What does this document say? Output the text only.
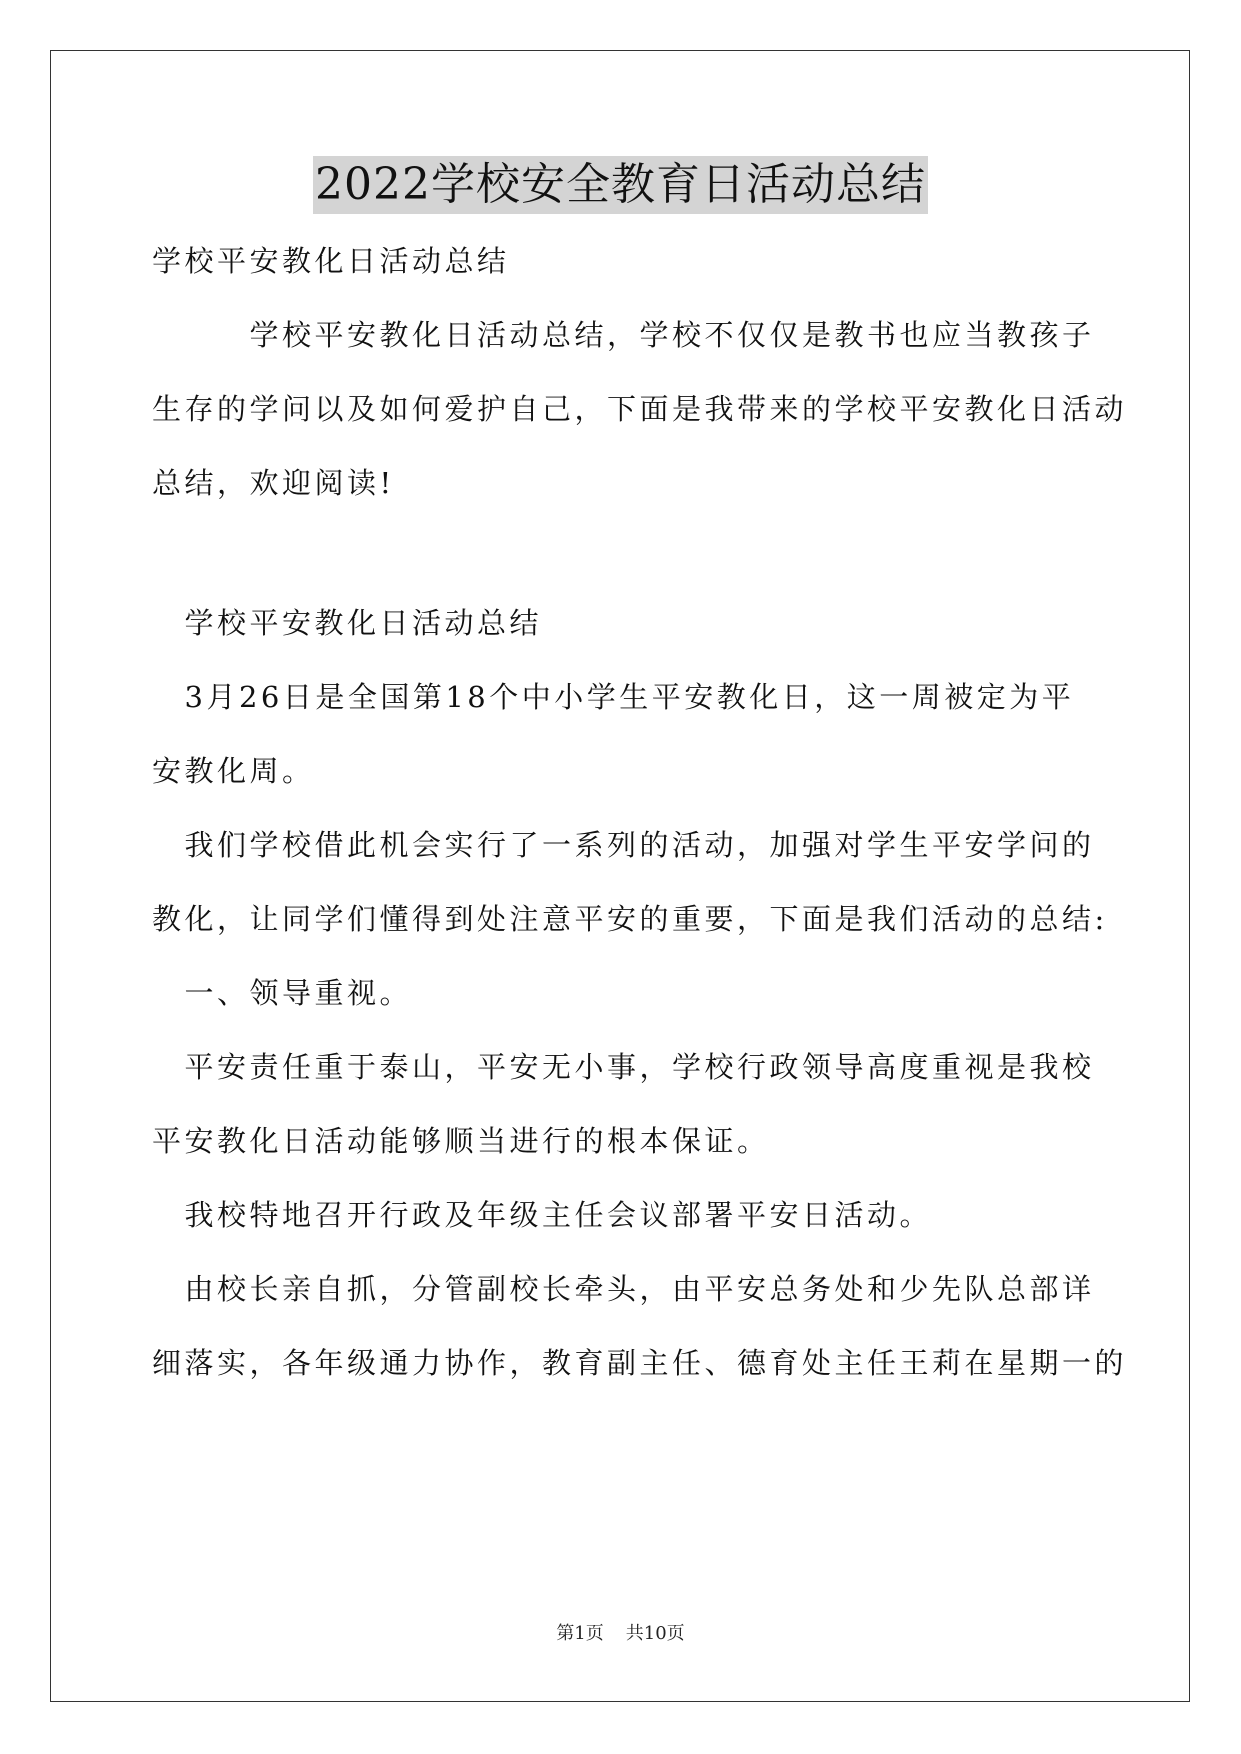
2022学校安全教育日活动总结
学校平安教化日活动总结
　　　学校平安教化日活动总结，学校不仅仅是教书也应当教孩子
生存的学问以及如何爱护自己，下面是我带来的学校平安教化日活动
总结，欢迎阅读!
　学校平安教化日活动总结
　3月26日是全国第18个中小学生平安教化日，这一周被定为平
安教化周。
　我们学校借此机会实行了一系列的活动，加强对学生平安学问的
教化，让同学们懂得到处注意平安的重要，下面是我们活动的总结:
　一、领导重视。
　平安责任重于泰山，平安无小事，学校行政领导高度重视是我校
平安教化日活动能够顺当进行的根本保证。
　我校特地召开行政及年级主任会议部署平安日活动。
　由校长亲自抓，分管副校长牵头，由平安总务处和少先队总部详
细落实，各年级通力协作，教育副主任、德育处主任王莉在星期一的
第1页 共10页
